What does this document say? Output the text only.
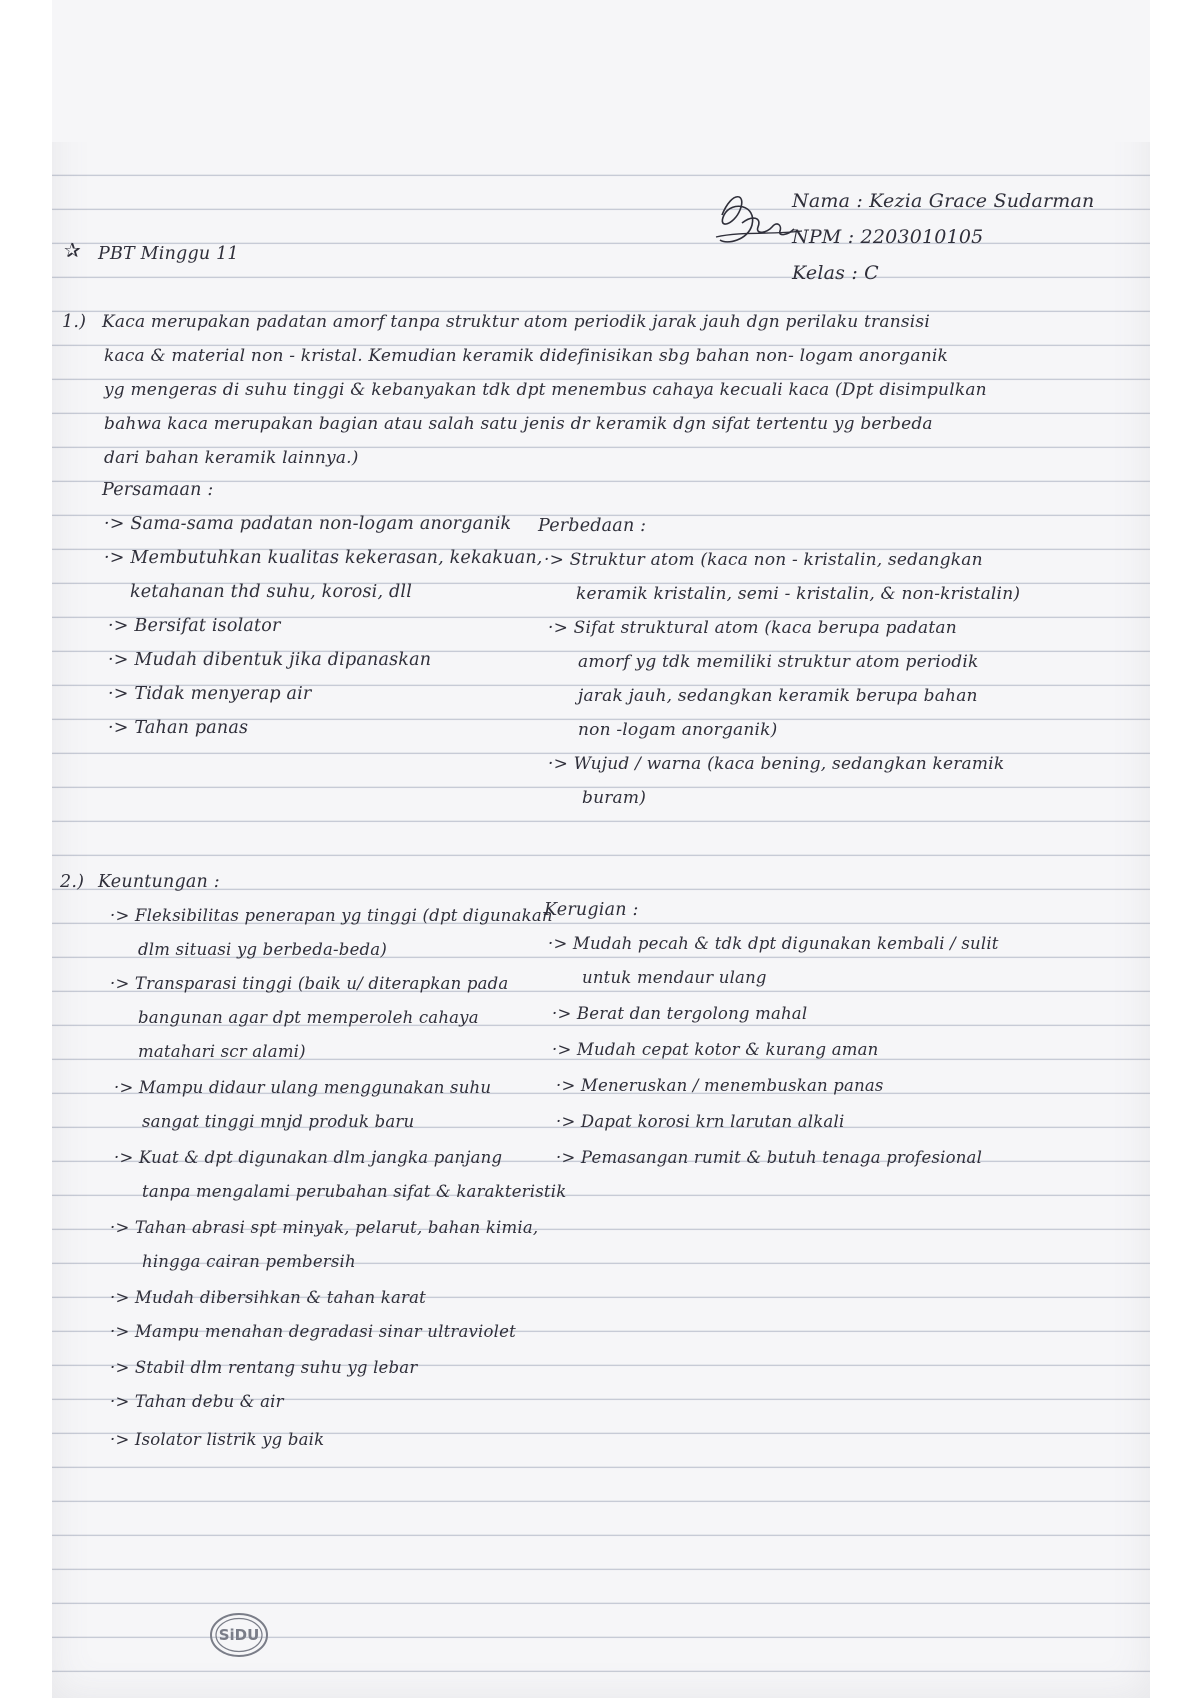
✰ PBT Minggu 11
Nama : Kezia Grace Sudarman
NPM : 2203010105
Kelas : C
1.) Kaca merupakan padatan amorf tanpa struktur atom periodik jarak jauh dgn perilaku transisi
kaca & material non - kristal. Kemudian keramik didefinisikan sbg bahan non- logam anorganik
yg mengeras di suhu tinggi & kebanyakan tdk dpt menembus cahaya kecuali kaca (Dpt disimpulkan
bahwa kaca merupakan bagian atau salah satu jenis dr keramik dgn sifat tertentu yg berbeda
dari bahan keramik lainnya.)
Persamaan :
·> Sama-sama padatan non-logam anorganik
·> Membutuhkan kualitas kekerasan, kekakuan,
ketahanan thd suhu, korosi, dll
·> Bersifat isolator
·> Mudah dibentuk jika dipanaskan
·> Tidak menyerap air
·> Tahan panas
Perbedaan :
·> Struktur atom (kaca non - kristalin, sedangkan
keramik kristalin, semi - kristalin, & non-kristalin)
·> Sifat struktural atom (kaca berupa padatan
amorf yg tdk memiliki struktur atom periodik
jarak jauh, sedangkan keramik berupa bahan
non -logam anorganik)
·> Wujud / warna (kaca bening, sedangkan keramik
buram)
2.) Keuntungan :
·> Fleksibilitas penerapan yg tinggi (dpt digunakan
dlm situasi yg berbeda-beda)
·> Transparasi tinggi (baik u/ diterapkan pada
bangunan agar dpt memperoleh cahaya
matahari scr alami)
·> Mampu didaur ulang menggunakan suhu
sangat tinggi mnjd produk baru
·> Kuat & dpt digunakan dlm jangka panjang
tanpa mengalami perubahan sifat & karakteristik
·> Tahan abrasi spt minyak, pelarut, bahan kimia,
hingga cairan pembersih
·> Mudah dibersihkan & tahan karat
·> Mampu menahan degradasi sinar ultraviolet
·> Stabil dlm rentang suhu yg lebar
·> Tahan debu & air
·> Isolator listrik yg baik
Kerugian :
·> Mudah pecah & tdk dpt digunakan kembali / sulit
untuk mendaur ulang
·> Berat dan tergolong mahal
·> Mudah cepat kotor & kurang aman
·> Meneruskan / menembuskan panas
·> Dapat korosi krn larutan alkali
·> Pemasangan rumit & butuh tenaga profesional
SiDU
